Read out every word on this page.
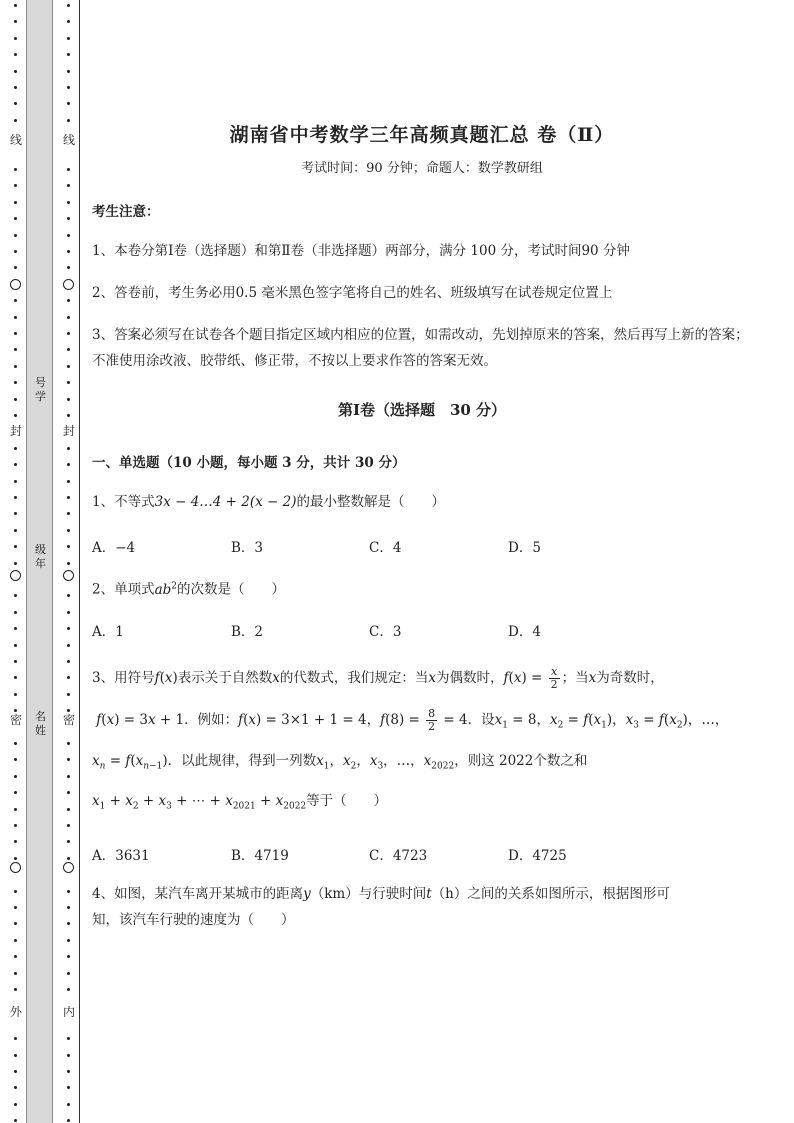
线
封
密
外
号
学
级
年
名
姓
线
封
密
内
湖南省中考数学三年高频真题汇总 卷（Ⅱ）
考试时间：90 分钟；命题人：数学教研组
考生注意：
1、本卷分第Ⅰ卷（选择题）和第Ⅱ卷（非选择题）两部分，满分 100 分，考试时间90 分钟
2、答卷前，考生务必用0.5 毫米黑色签字笔将自己的姓名、班级填写在试卷规定位置上
3、答案必须写在试卷各个题目指定区域内相应的位置，如需改动，先划掉原来的答案，然后再写上新的答案；不准使用涂改液、胶带纸、修正带，不按以上要求作答的答案无效。
第Ⅰ卷（选择题　30 分）
一、单选题（10 小题，每小题 3 分，共计 30 分）
1、不等式3x − 4…4 + 2(x − 2)的最小整数解是（　　）
A．−4	B．3	C．4	D．5
2、单项式$ab^2$的次数是（　　）
A．1	B．2	C．3	D．4
3、用符号f(x)表示关于自然数x的代数式，我们规定：当x为偶数时，$f(x) = \frac{x}{2}$ ；当x为奇数时，
f(x) = 3x + 1．例如：f(x) = 3×1 + 1 = 4，$f(8) = \frac{8}{2} = 4$．设$x_1 = 8$，$x_2 = f(x_1)$，$x_3 = f(x_2)$，…，
$x_n = f(x_{n-1})$．以此规律，得到一列数$x_1$，$x_2$，$x_3$，…，$x_{2022}$，则这 2022个数之和
$x_1 + x_2 + x_3$ + ⋯ + $x_{2021} + x_{2022}$等于（　　）
A．3631	B．4719	C．4723	D．4725
4、如图，某汽车离开某城市的距离y（km）与行驶时间t（h）之间的关系如图所示，根据图形可
知，该汽车行驶的速度为（　　）
